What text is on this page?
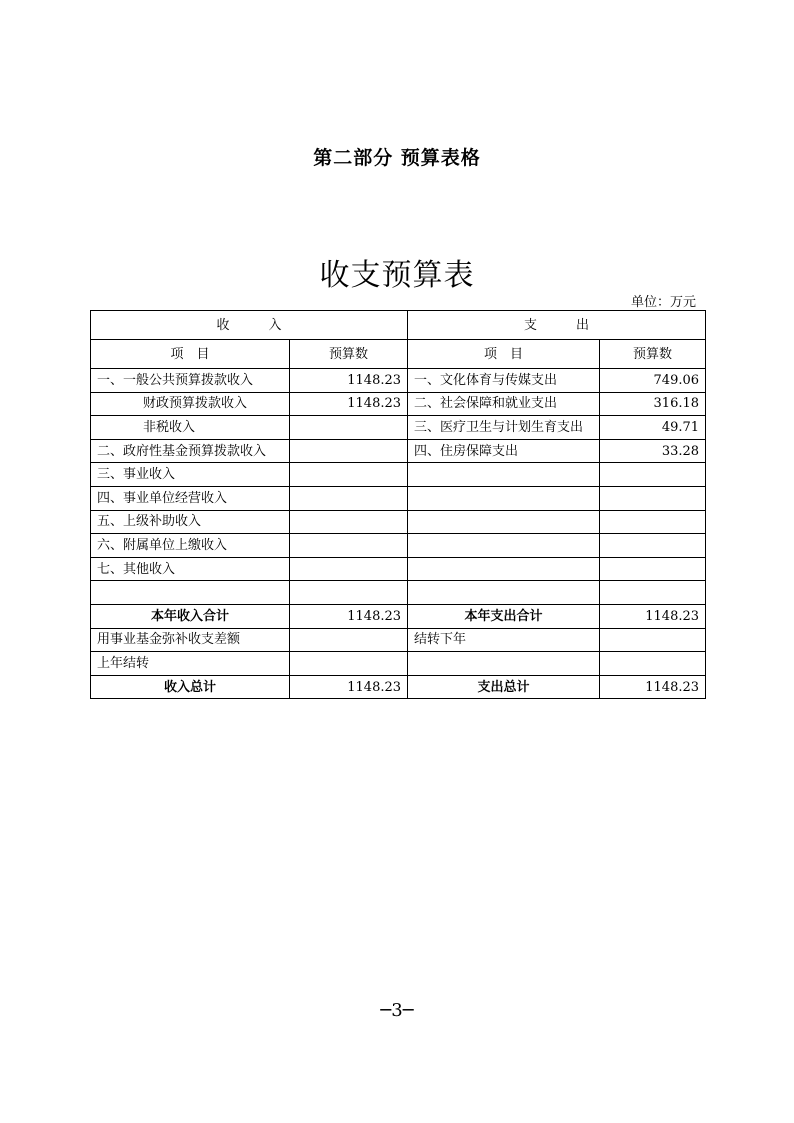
第二部分 预算表格
收支预算表
单位：万元
收　　　入		支　　　出	
项　目	预算数	项　目	预算数
一、一般公共预算拨款收入	1148.23	一、文化体育与传媒支出	749.06
财政预算拨款收入	1148.23	二、社会保障和就业支出	316.18
非税收入		三、医疗卫生与计划生育支出	49.71
二、政府性基金预算拨款收入		四、住房保障支出	33.28
三、事业收入			
四、事业单位经营收入			
五、上级补助收入			
六、附属单位上缴收入			
七、其他收入			

本年收入合计	1148.23	本年支出合计	1148.23
用事业基金弥补收支差额		结转下年	
上年结转			
收入总计	1148.23	支出总计	1148.23
─3─
